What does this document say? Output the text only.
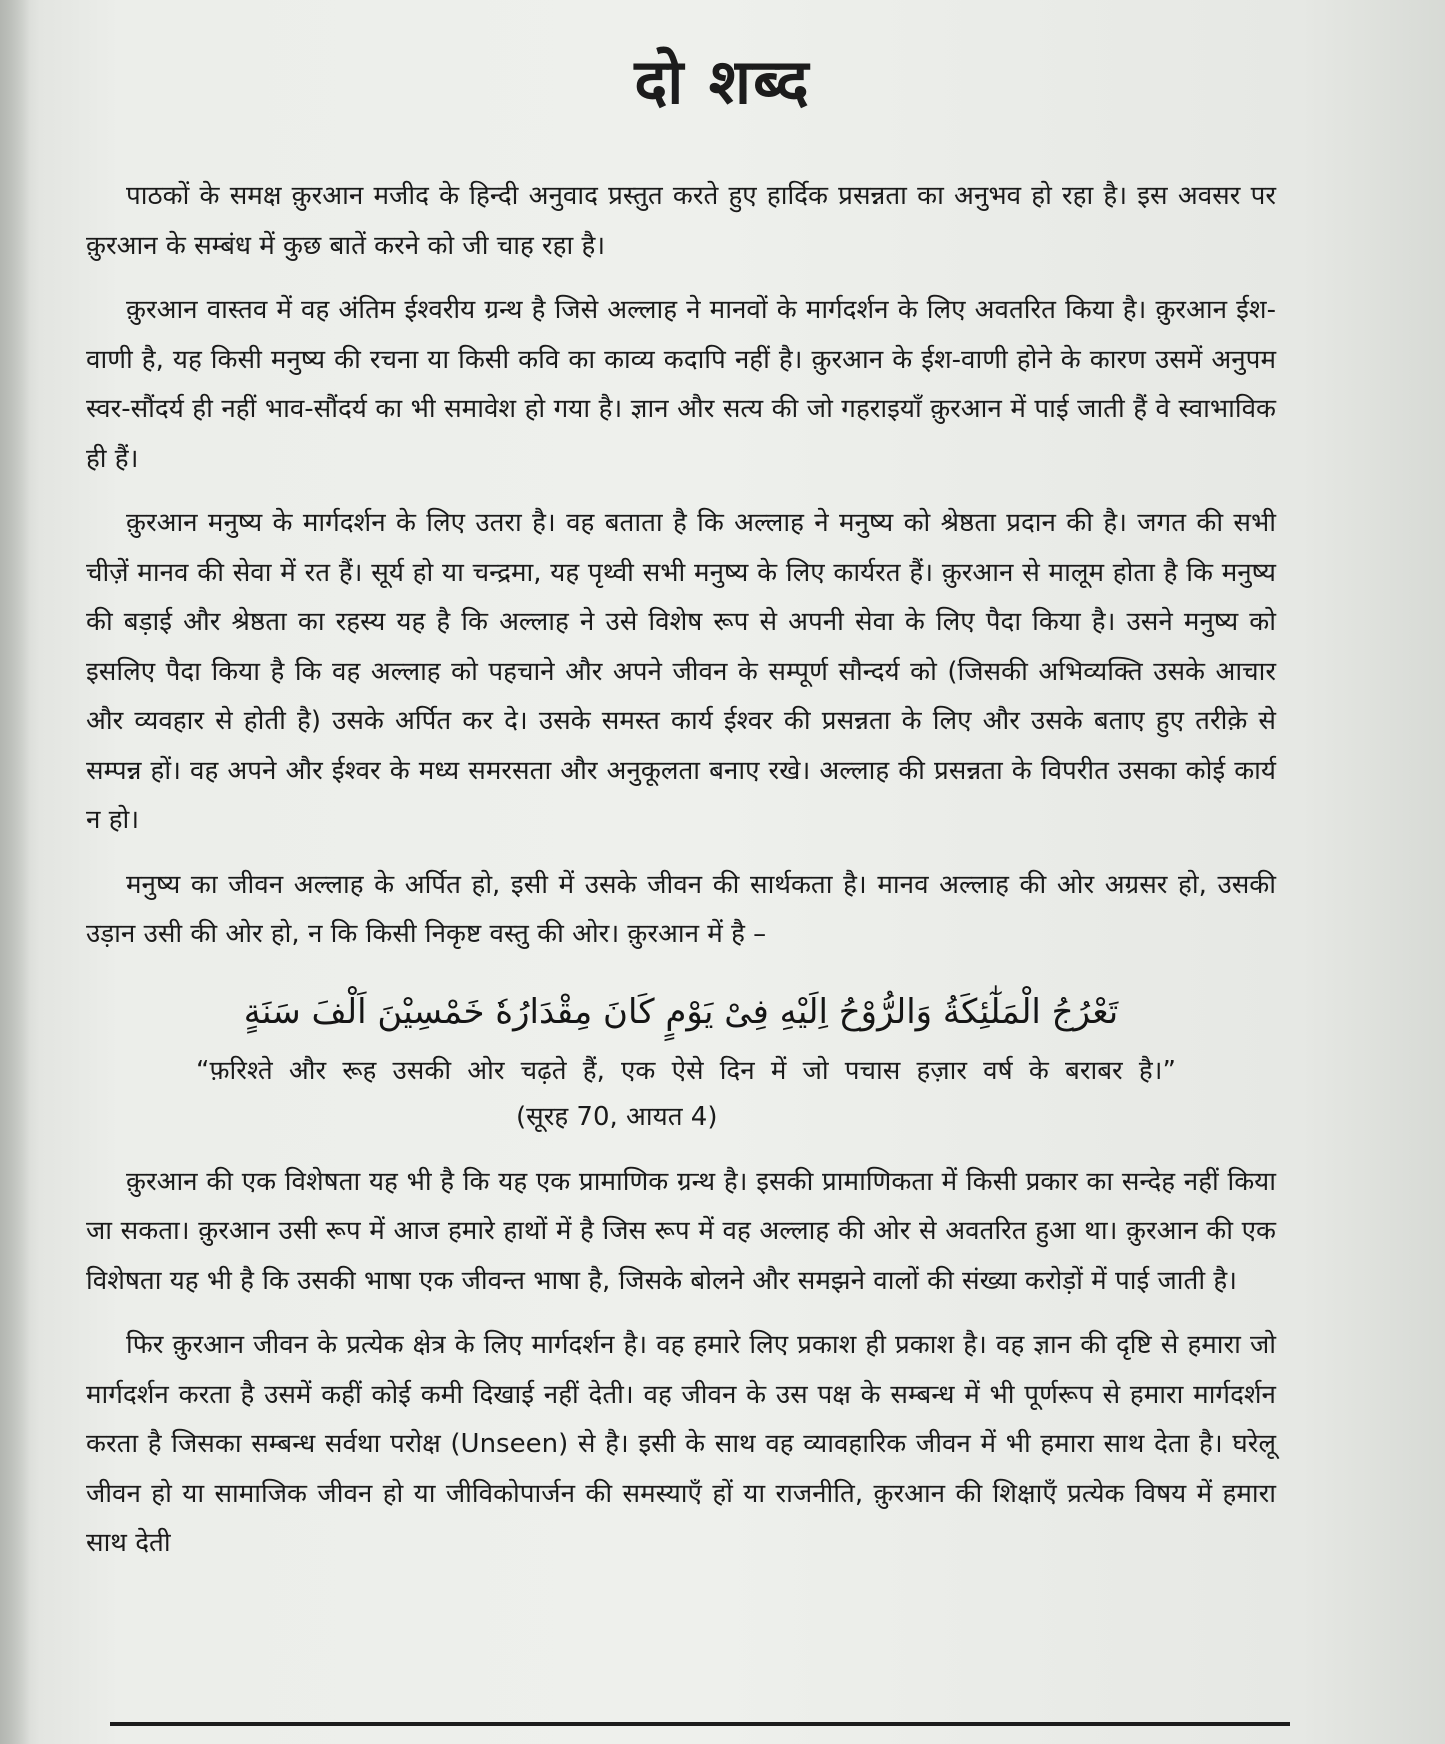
दो शब्द

पाठकों के समक्ष क़ुरआन मजीद के हिन्दी अनुवाद प्रस्तुत करते हुए हार्दिक प्रसन्नता का अनुभव हो रहा है। इस अवसर पर क़ुरआन के सम्बंध में कुछ बातें करने को जी चाह रहा है।

क़ुरआन वास्तव में वह अंतिम ईश्वरीय ग्रन्थ है जिसे अल्लाह ने मानवों के मार्गदर्शन के लिए अवतरित किया है। क़ुरआन ईश-वाणी है, यह किसी मनुष्य की रचना या किसी कवि का काव्य कदापि नहीं है। क़ुरआन के ईश-वाणी होने के कारण उसमें अनुपम स्वर-सौंदर्य ही नहीं भाव-सौंदर्य का भी समावेश हो गया है। ज्ञान और सत्य की जो गहराइयाँ क़ुरआन में पाई जाती हैं वे स्वाभाविक ही हैं।

क़ुरआन मनुष्य के मार्गदर्शन के लिए उतरा है। वह बताता है कि अल्लाह ने मनुष्य को श्रेष्ठता प्रदान की है। जगत की सभी चीज़ें मानव की सेवा में रत हैं। सूर्य हो या चन्द्रमा, यह पृथ्वी सभी मनुष्य के लिए कार्यरत हैं। क़ुरआन से मालूम होता है कि मनुष्य की बड़ाई और श्रेष्ठता का रहस्य यह है कि अल्लाह ने उसे विशेष रूप से अपनी सेवा के लिए पैदा किया है। उसने मनुष्य को इसलिए पैदा किया है कि वह अल्लाह को पहचाने और अपने जीवन के सम्पूर्ण सौन्दर्य को (जिसकी अभिव्यक्ति उसके आचार और व्यवहार से होती है) उसके अर्पित कर दे। उसके समस्त कार्य ईश्वर की प्रसन्नता के लिए और उसके बताए हुए तरीक़े से सम्पन्न हों। वह अपने और ईश्वर के मध्य समरसता और अनुकूलता बनाए रखे। अल्लाह की प्रसन्नता के विपरीत उसका कोई कार्य न हो।

मनुष्य का जीवन अल्लाह के अर्पित हो, इसी में उसके जीवन की सार्थकता है। मानव अल्लाह की ओर अग्रसर हो, उसकी उड़ान उसी की ओर हो, न कि किसी निकृष्ट वस्तु की ओर। क़ुरआन में है –

تَعْرُجُ الْمَلٰٓئِكَةُ وَالرُّوْحُ اِلَيْهِ فِىْ يَوْمٍ كَانَ مِقْدَارُهٗ خَمْسِيْنَ اَلْفَ سَنَةٍ
“फ़रिश्ते और रूह उसकी ओर चढ़ते हैं, एक ऐसे दिन में जो पचास हज़ार वर्ष के बराबर है।” (सूरह 70, आयत 4)

क़ुरआन की एक विशेषता यह भी है कि यह एक प्रामाणिक ग्रन्थ है। इसकी प्रामाणिकता में किसी प्रकार का सन्देह नहीं किया जा सकता। क़ुरआन उसी रूप में आज हमारे हाथों में है जिस रूप में वह अल्लाह की ओर से अवतरित हुआ था। क़ुरआन की एक विशेषता यह भी है कि उसकी भाषा एक जीवन्त भाषा है, जिसके बोलने और समझने वालों की संख्या करोड़ों में पाई जाती है।

फिर क़ुरआन जीवन के प्रत्येक क्षेत्र के लिए मार्गदर्शन है। वह हमारे लिए प्रकाश ही प्रकाश है। वह ज्ञान की दृष्टि से हमारा जो मार्गदर्शन करता है उसमें कहीं कोई कमी दिखाई नहीं देती। वह जीवन के उस पक्ष के सम्बन्ध में भी पूर्णरूप से हमारा मार्गदर्शन करता है जिसका सम्बन्ध सर्वथा परोक्ष (Unseen) से है। इसी के साथ वह व्यावहारिक जीवन में भी हमारा साथ देता है। घरेलू जीवन हो या सामाजिक जीवन हो या जीविकोपार्जन की समस्याएँ हों या राजनीति, क़ुरआन की शिक्षाएँ प्रत्येक विषय में हमारा साथ देती
